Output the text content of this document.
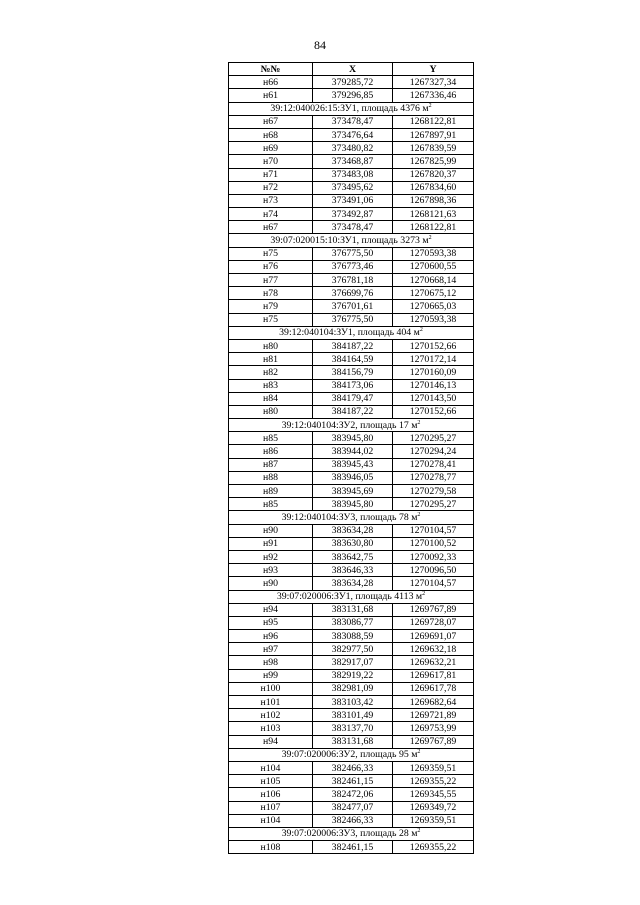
84
№№	X	Y
н66	379285,72	1267327,34
н61	379296,85	1267336,46
39:12:040026:15:ЗУ1, площадь 4376 $м^2$
н67	373478,47	1268122,81
н68	373476,64	1267897,91
н69	373480,82	1267839,59
н70	373468,87	1267825,99
н71	373483,08	1267820,37
н72	373495,62	1267834,60
н73	373491,06	1267898,36
н74	373492,87	1268121,63
н67	373478,47	1268122,81
39:07:020015:10:ЗУ1, площадь 3273 $м^2$
н75	376775,50	1270593,38
н76	376773,46	1270600,55
н77	376781,18	1270668,14
н78	376699,76	1270675,12
н79	376701,61	1270665,03
н75	376775,50	1270593,38
39:12:040104:ЗУ1, площадь 404 $м^2$
н80	384187,22	1270152,66
н81	384164,59	1270172,14
н82	384156,79	1270160,09
н83	384173,06	1270146,13
н84	384179,47	1270143,50
н80	384187,22	1270152,66
39:12:040104:ЗУ2, площадь 17 $м^2$
н85	383945,80	1270295,27
н86	383944,02	1270294,24
н87	383945,43	1270278,41
н88	383946,05	1270278,77
н89	383945,69	1270279,58
н85	383945,80	1270295,27
39:12:040104:ЗУ3, площадь 78 $м^2$
н90	383634,28	1270104,57
н91	383630,80	1270100,52
н92	383642,75	1270092,33
н93	383646,33	1270096,50
н90	383634,28	1270104,57
39:07:020006:ЗУ1, площадь 4113 $м^2$
н94	383131,68	1269767,89
н95	383086,77	1269728,07
н96	383088,59	1269691,07
н97	382977,50	1269632,18
н98	382917,07	1269632,21
н99	382919,22	1269617,81
н100	382981,09	1269617,78
н101	383103,42	1269682,64
н102	383101,49	1269721,89
н103	383137,70	1269753,99
н94	383131,68	1269767,89
39:07:020006:ЗУ2, площадь 95 $м^2$
н104	382466,33	1269359,51
н105	382461,15	1269355,22
н106	382472,06	1269345,55
н107	382477,07	1269349,72
н104	382466,33	1269359,51
39:07:020006:ЗУ3, площадь 28 $м^2$
н108	382461,15	1269355,22
